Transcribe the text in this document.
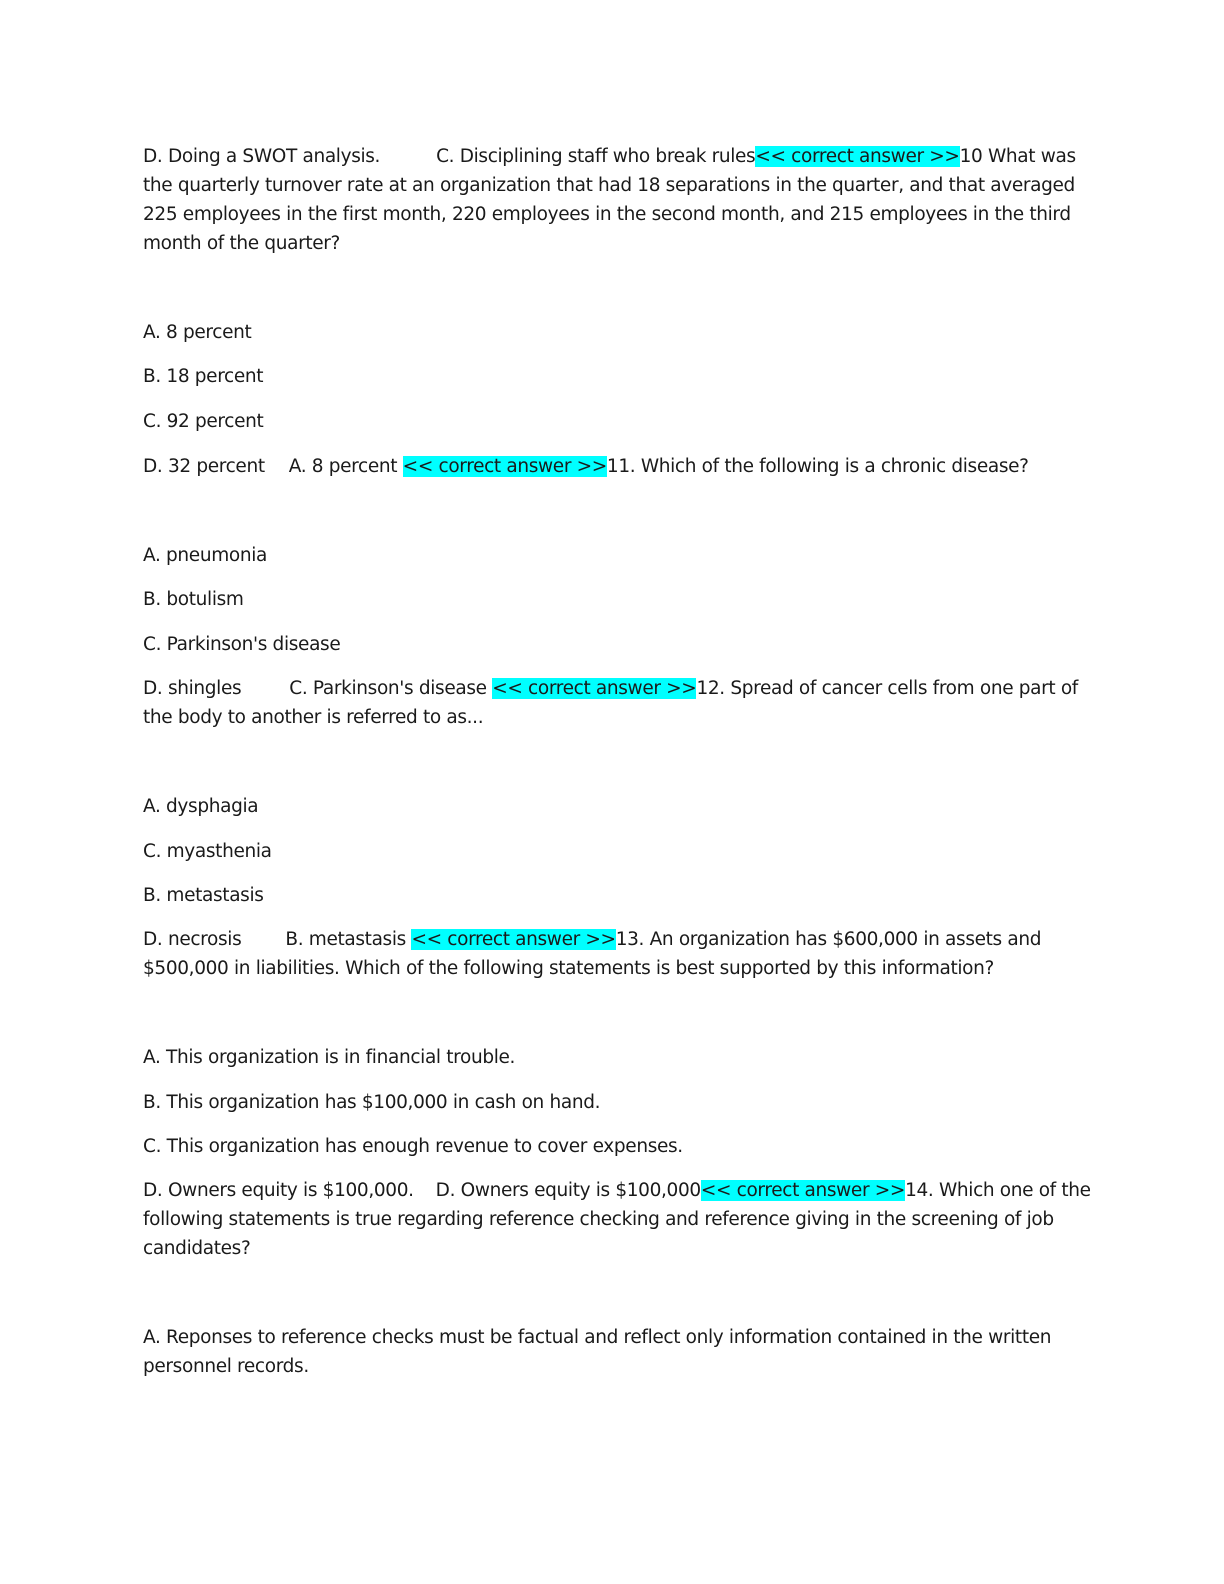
D. Doing a SWOT analysis.	C. Disciplining staff who break rules<< correct answer >>10 What was
the quarterly turnover rate at an organization that had 18 separations in the quarter, and that averaged
225 employees in the first month, 220 employees in the second month, and 215 employees in the third
month of the quarter?
A. 8 percent
B. 18 percent
C. 92 percent
D. 32 percent A. 8 percent << correct answer >>11. Which of the following is a chronic disease?
A. pneumonia
B. botulism
C. Parkinson's disease
D. shingles	C. Parkinson's disease << correct answer >>12. Spread of cancer cells from one part of
the body to another is referred to as...
A. dysphagia
C. myasthenia
B. metastasis
D. necrosis B. metastasis << correct answer >>13. An organization has $600,000 in assets and
$500,000 in liabilities. Which of the following statements is best supported by this information?
A. This organization is in financial trouble.
B. This organization has $100,000 in cash on hand.
C. This organization has enough revenue to cover expenses.
D. Owners equity is $100,000. D. Owners equity is $100,000<< correct answer >>14. Which one of the
following statements is true regarding reference checking and reference giving in the screening of job
candidates?
A. Reponses to reference checks must be factual and reflect only information contained in the written
personnel records.
